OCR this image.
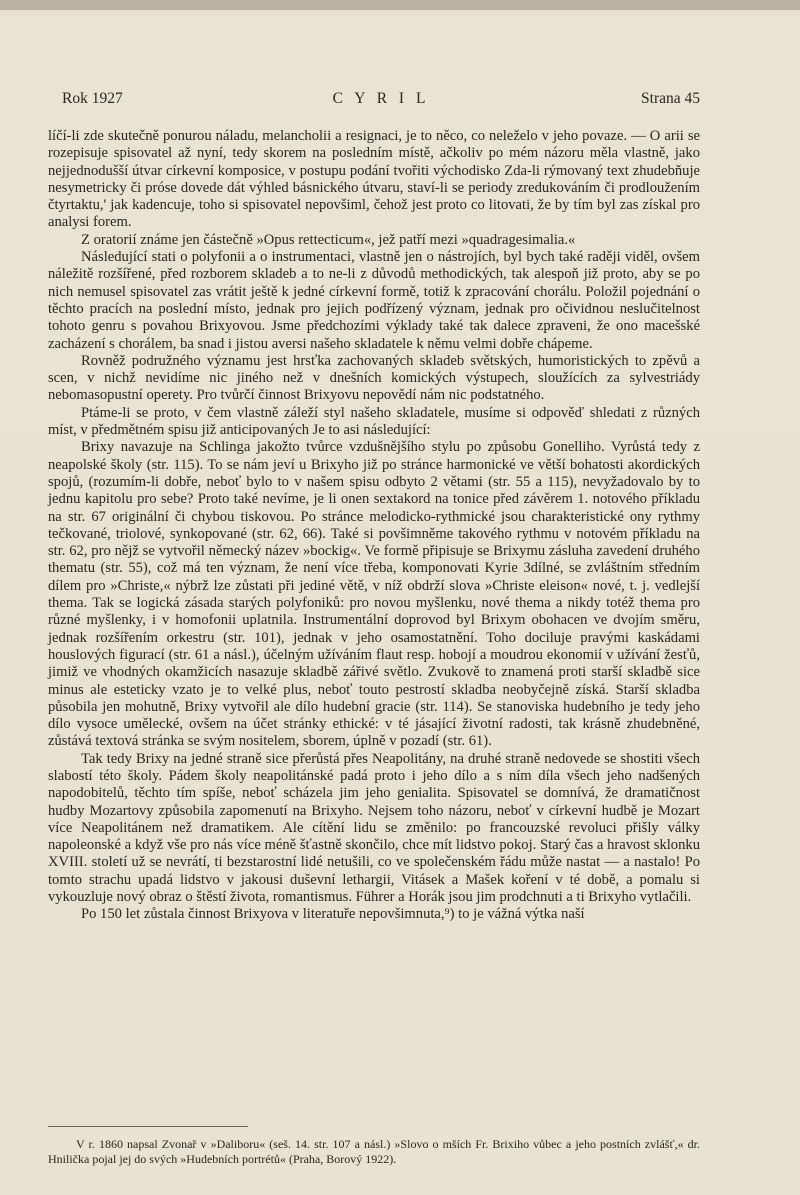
Rok 1927	C Y R I L	Strana 45

líčí-li zde skutečně ponurou náladu, melancholii a resignaci, je to něco, co neleželo v jeho povaze. — O arii se rozepisuje spisovatel až nyní, tedy skorem na posledním místě, ačkoliv po mém názoru měla vlastně, jako nejjednodušší útvar církevní komposice, v postupu podání tvořiti východisko Zda-li rýmovaný text zhudebňuje nesymetricky či próse dovede dát výhled básnického útvaru, staví-li se periody zredukováním či prodloužením čtyrtaktu,' jak kadencuje, toho si spisovatel nepovšiml, čehož jest proto co litovati, že by tím byl zas získal pro analysi forem.

Z oratorií známe jen částečně »Opus rettecticum«, jež patří mezi »quadragesimalia.«

Následující stati o polyfonii a o instrumentaci, vlastně jen o nástrojích, byl bych také raději viděl, ovšem náležitě rozšířené, před rozborem skladeb a to ne-li z důvodů methodických, tak alespoň již proto, aby se po nich nemusel spisovatel zas vrátit ještě k jedné církevní formě, totiž k zpracování chorálu. Položil pojednání o těchto pracích na poslední místo, jednak pro jejich podřízený význam, jednak pro očividnou neslučitelnost tohoto genru s povahou Brixyovou. Jsme předchozími výklady také tak dalece zpraveni, že ono macešské zacházení s chorálem, ba snad i jistou aversi našeho skladatele k němu velmi dobře chápeme.

Rovněž podružného významu jest hrsťka zachovaných skladeb světských, humoristických to zpěvů a scen, v nichž nevidíme nic jiného než v dnešních komických výstupech, sloužících za sylvestriády nebomasopustní operety. Pro tvůrčí činnost Brixyovu nepovědí nám nic podstatného.

Ptáme-li se proto, v čem vlastně záleží styl našeho skladatele, musíme si odpověď shledati z různých míst, v předmětném spisu již anticipovaných Je to asi následující:

Brixy navazuje na Schlinga jakožto tvůrce vzdušnějšího stylu po způsobu Gonelliho. Vyrůstá tedy z neapolské školy (str. 115). To se nám jeví u Brixyho již po stránce harmonické ve větší bohatosti akordických spojů, (rozumím-li dobře, neboť bylo to v našem spisu odbyto 2 větami (str. 55 a 115), nevyžadovalo by to jednu kapitolu pro sebe? Proto také nevíme, je li onen sextakord na tonice před závěrem 1. notového příkladu na str. 67 originální či chybou tiskovou. Po stránce melodicko-rythmické jsou charakteristické ony rythmy tečkované, triolové, synkopované (str. 62, 66). Také si povšimněme takového rythmu v notovém příkladu na str. 62, pro nějž se vytvořil německý název »bockig«. Ve formě připisuje se Brixymu zásluha zavedení druhého thematu (str. 55), což má ten význam, že není více třeba, komponovati Kyrie 3dílné, se zvláštním středním dílem pro »Christe,« nýbrž lze zůstati při jediné větě, v níž obdrží slova »Christe eleison« nové, t. j. vedlejší thema. Tak se logická zásada starých polyfoniků: pro novou myšlenku, nové thema a nikdy totéž thema pro různé myšlenky, i v homofonii uplatnila. Instrumentální doprovod byl Brixym obohacen ve dvojím směru, jednak rozšířením orkestru (str. 101), jednak v jeho osamostatnění. Toho dociluje pravými kaskádami houslových figurací (str. 61 a násl.), účelným užíváním flaut resp. hobojí a moudrou ekonomií v užívání žesťů, jimiž ve vhodných okamžicích nasazuje skladbě zářivé světlo. Zvukově to znamená proti starší skladbě sice minus ale esteticky vzato je to velké plus, neboť touto pestrostí skladba neobyčejně získá. Starší skladba působila jen mohutně, Brixy vytvořil ale dílo hudební gracie (str. 114). Se stanoviska hudebního je tedy jeho dílo vysoce umělecké, ovšem na účet stránky ethické: v té jásající životní radosti, tak krásně zhudebněné, zůstává textová stránka se svým nositelem, sborem, úplně v pozadí (str. 61).

Tak tedy Brixy na jedné straně sice přerůstá přes Neapolitány, na druhé straně nedovede se shostiti všech slabostí této školy. Pádem školy neapolitánské padá proto i jeho dílo a s ním díla všech jeho nadšených napodobitelů, těchto tím spíše, neboť scházela jim jeho genialita. Spisovatel se domnívá, že dramatičnost hudby Mozartovy způsobila zapomenutí na Brixyho. Nejsem toho názoru, neboť v církevní hudbě je Mozart více Neapolitánem než dramatikem. Ale cítění lidu se změnilo: po francouzské revoluci přišly války napoleonské a když vše pro nás více méně šťastně skončilo, chce mít lidstvo pokoj. Starý čas a hravost sklonku XVIII. století už se nevrátí, ti bezstarostní lidé netušili, co ve společenském řádu může nastat — a nastalo! Po tomto strachu upadá lidstvo v jakousi duševní lethargii, Vitásek a Mašek koření v té době, a pomalu si vykouzluje nový obraz o štěstí života, romantismus. Führer a Horák jsou jim prodchnuti a ti Brixyho vytlačili.

Po 150 let zůstala činnost Brixyova v literatuře nepovšimnuta,⁹) to je vážná výtka naší

V r. 1860 napsal Zvonař v »Daliboru« (seš. 14. str. 107 a násl.) »Slovo o mších Fr. Brixiho vůbec a jeho postních zvlášť,« dr. Hnilička pojal jej do svých »Hudebních portrétů« (Praha, Borový 1922).
